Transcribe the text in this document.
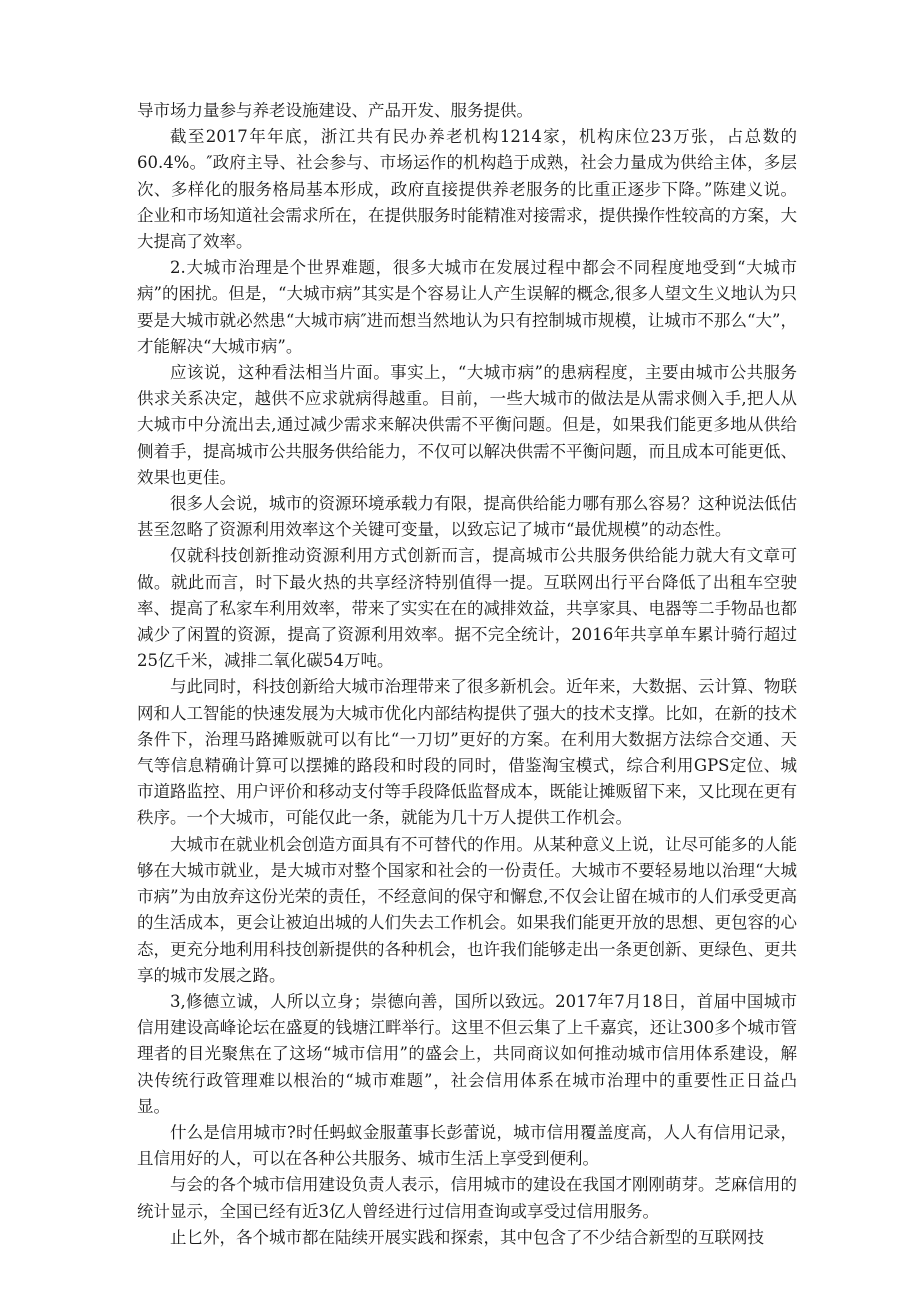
导市场力量参与养老设施建设、产品开发、服务提供。

截至2017年年底，浙江共有民办养老机构1214家，机构床位23万张，占总数的60.4%。″政府主导、社会参与、市场运作的机构趋于成熟，社会力量成为供给主体，多层次、多样化的服务格局基本形成，政府直接提供养老服务的比重正逐步下降。”陈建义说。企业和市场知道社会需求所在，在提供服务时能精准对接需求，提供操作性较高的方案，大大提高了效率。

2.大城市治理是个世界难题，很多大城市在发展过程中都会不同程度地受到“大城市病”的困扰。但是，“大城市病”其实是个容易让人产生误解的概念,很多人望文生义地认为只要是大城市就必然患“大城市病″进而想当然地认为只有控制城市规模，让城市不那么“大”，才能解决“大城市病”。

应该说，这种看法相当片面。事实上，“大城市病”的患病程度，主要由城市公共服务供求关系决定，越供不应求就病得越重。目前，一些大城市的做法是从需求侧入手,把人从大城市中分流出去,通过减少需求来解决供需不平衡问题。但是，如果我们能更多地从供给侧着手，提高城市公共服务供给能力，不仅可以解决供需不平衡问题，而且成本可能更低、效果也更佳。

很多人会说，城市的资源环境承载力有限，提高供给能力哪有那么容易？这种说法低估甚至忽略了资源利用效率这个关键可变量，以致忘记了城市“最优规模”的动态性。

仅就科技创新推动资源利用方式创新而言，提高城市公共服务供给能力就大有文章可做。就此而言，时下最火热的共享经济特别值得一提。互联网出行平台降低了出租车空驶率、提高了私家车利用效率，带来了实实在在的减排效益，共享家具、电器等二手物品也都减少了闲置的资源，提高了资源利用效率。据不完全统计，2016年共享单车累计骑行超过25亿千米，减排二氧化碳54万吨。

与此同时，科技创新给大城市治理带来了很多新机会。近年来，大数据、云计算、物联网和人工智能的快速发展为大城市优化内部结构提供了强大的技术支撑。比如，在新的技术条件下，治理马路摊贩就可以有比“一刀切”更好的方案。在利用大数据方法综合交通、天气等信息精确计算可以摆摊的路段和时段的同时，借鉴淘宝模式，综合利用GPS定位、城市道路监控、用户评价和移动支付等手段降低监督成本，既能让摊贩留下来，又比现在更有秩序。一个大城市，可能仅此一条，就能为几十万人提供工作机会。

大城市在就业机会创造方面具有不可替代的作用。从某种意义上说，让尽可能多的人能够在大城市就业，是大城市对整个国家和社会的一份责任。大城市不要轻易地以治理“大城市病”为由放弃这份光荣的责任，不经意间的保守和懈怠,不仅会让留在城市的人们承受更高的生活成本，更会让被迫出城的人们失去工作机会。如果我们能更开放的思想、更包容的心态，更充分地利用科技创新提供的各种机会，也许我们能够走出一条更创新、更绿色、更共享的城市发展之路。

3,修德立诚，人所以立身；崇德向善，国所以致远。2017年7月18日，首届中国城市信用建设高峰论坛在盛夏的钱塘江畔举行。这里不但云集了上千嘉宾，还让300多个城市管理者的目光聚焦在了这场“城市信用”的盛会上，共同商议如何推动城市信用体系建设，解决传统行政管理难以根治的“城市难题”，社会信用体系在城市治理中的重要性正日益凸显。

什么是信用城市?时任蚂蚁金服董事长彭蕾说，城市信用覆盖度高，人人有信用记录，且信用好的人，可以在各种公共服务、城市生活上享受到便利。

与会的各个城市信用建设负责人表示，信用城市的建设在我国才刚刚萌芽。芝麻信用的统计显示，全国已经有近3亿人曾经进行过信用查询或享受过信用服务。

止匕外，各个城市都在陆续开展实践和探索，其中包含了不少结合新型的互联网技
